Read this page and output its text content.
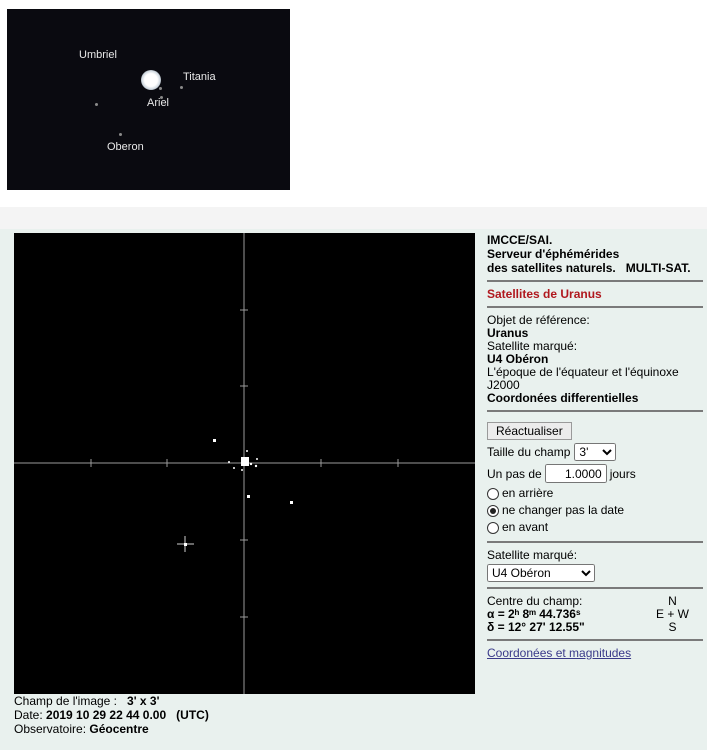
Umbriel
Titania
Ariel
Oberon
Champ de l'image : 3' x 3'
Date: 2019 10 29 22 44 0.00 (UTC)
Observatoire: Géocentre
IMCCE/SAI.
Serveur d'éphémérides
des satellites naturels. MULTI-SAT.
Satellites de Uranus
Objet de référence:
Uranus
Satellite marqué:
U4 Obéron
L'époque de l'équateur et l'équinoxe
J2000
Coordonées differentielles
Réactualiser
Taille du champ
3'
Un pas de
1.0000	jours
en arrière
ne changer pas la date
en avant
Satellite marqué:
U4 Obéron
Centre du champ:
α = 2ʰ 8ᵐ 44.736ˢ
δ = 12° 27' 12.55"
N
E + W
S
Coordonées et magnitudes
